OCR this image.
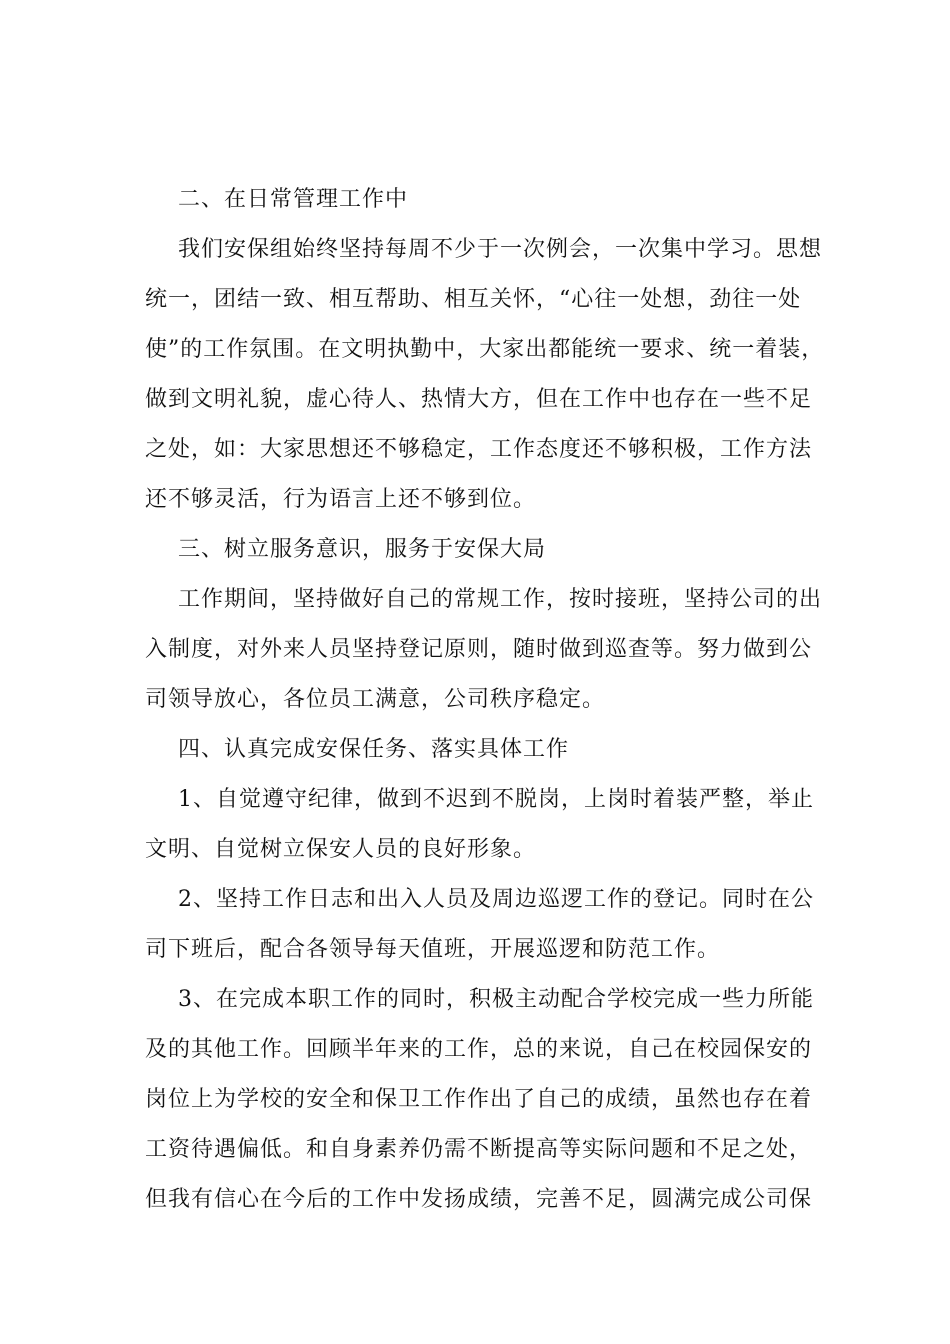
二、在日常管理工作中
我们安保组始终坚持每周不少于一次例会，一次集中学习。思想
统一，团结一致、相互帮助、相互关怀，“心往一处想，劲往一处
使”的工作氛围。在文明执勤中，大家出都能统一要求、统一着装，
做到文明礼貌，虚心待人、热情大方，但在工作中也存在一些不足
之处，如：大家思想还不够稳定，工作态度还不够积极，工作方法
还不够灵活，行为语言上还不够到位。
三、树立服务意识，服务于安保大局
工作期间，坚持做好自己的常规工作，按时接班，坚持公司的出
入制度，对外来人员坚持登记原则，随时做到巡查等。努力做到公
司领导放心，各位员工满意，公司秩序稳定。
四、认真完成安保任务、落实具体工作
1、自觉遵守纪律，做到不迟到不脱岗，上岗时着装严整，举止
文明、自觉树立保安人员的良好形象。
2、坚持工作日志和出入人员及周边巡逻工作的登记。同时在公
司下班后，配合各领导每天值班，开展巡逻和防范工作。
3、在完成本职工作的同时，积极主动配合学校完成一些力所能
及的其他工作。回顾半年来的工作，总的来说，自己在校园保安的
岗位上为学校的安全和保卫工作作出了自己的成绩，虽然也存在着
工资待遇偏低。和自身素养仍需不断提高等实际问题和不足之处，
但我有信心在今后的工作中发扬成绩，完善不足，圆满完成公司保
